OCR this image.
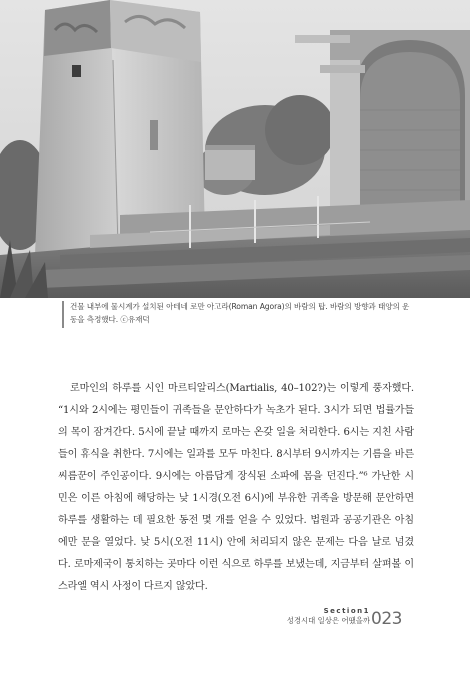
건물 내부에 물시계가 설치된 아테네 로만 아고라(Roman Agora)의 바람의 탑. 바람의 방향과 태양의 운동을 측정했다. ⓒ유재덕

로마인의 하루를 시인 마르티알리스(Martialis, 40–102?)는 이렇게 풍자했다. “1시와 2시에는 평민들이 귀족들을 문안하다가 녹초가 된다. 3시가 되면 법률가들의 목이 잠겨간다. 5시에 끝날 때까지 로마는 온갖 일을 처리한다. 6시는 지친 사람들이 휴식을 취한다. 7시에는 일과를 모두 마친다. 8시부터 9시까지는 기름을 바른 씨름꾼이 주인공이다. 9시에는 아름답게 장식된 소파에 몸을 던진다.”⁶ 가난한 시민은 이른 아침에 해당하는 낮 1시경(오전 6시)에 부유한 귀족을 방문해 문안하면 하루를 생활하는 데 필요한 동전 몇 개를 얻을 수 있었다. 법원과 공공기관은 아침에만 문을 열었다. 낮 5시(오전 11시) 안에 처리되지 않은 문제는 다음 날로 넘겼다. 로마제국이 통치하는 곳마다 이런 식으로 하루를 보냈는데, 지금부터 살펴볼 이스라엘 역시 사정이 다르지 않았다.

Section1
성경시대 일상은 어땠을까 023
